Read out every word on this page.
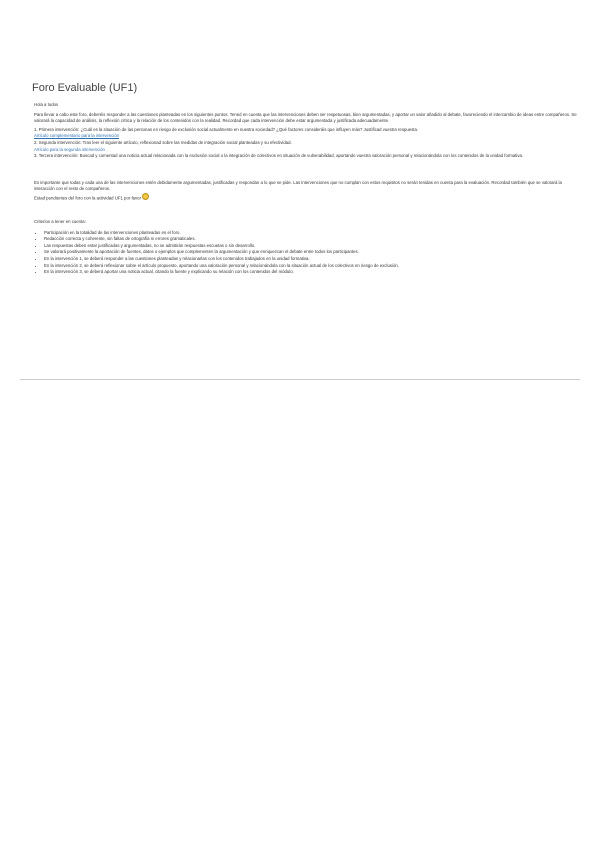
Foro Evaluable (UF1)

Hola a todos

Para llevar a cabo este foro, deberéis responder a las cuestiones planteadas en los siguientes puntos. Tened en cuenta que las intervenciones deben ser respetuosas, bien argumentadas, y aportar un valor añadido al debate, favoreciendo el intercambio de ideas entre compañeros. Se valorará la capacidad de análisis, la reflexión crítica y la relación de los contenidos con la realidad. Recordad que cada intervención debe estar argumentada y justificada adecuadamente.

1. Primera intervención: ¿Cuál es la situación de las personas en riesgo de exclusión social actualmente en nuestra sociedad? ¿Qué factores consideráis que influyen más? Justificad vuestra respuesta.

Artículo complementario para la intervención

2. Segunda intervención: Tras leer el siguiente artículo, reflexionad sobre las medidas de integración social planteadas y su efectividad.

Artículo para la segunda intervención

3. Tercera intervención: Buscad y comentad una noticia actual relacionada con la exclusión social o la integración de colectivos en situación de vulnerabilidad, aportando vuestra valoración personal y relacionándola con los contenidos de la unidad formativa.

Es importante que todas y cada una de las intervenciones estén debidamente argumentadas, justificadas y respondan a lo que se pide. Las intervenciones que no cumplan con estos requisitos no serán tenidas en cuenta para la evaluación. Recordad también que se valorará la interacción con el resto de compañeros.

Estad pendientes del foro con la actividad UF1 por favor

Criterios a tener en cuenta:

• Participación en la totalidad de las intervenciones planteadas en el foro.
• Redacción correcta y coherente, sin faltas de ortografía ni errores gramaticales.
• Las respuestas deben estar justificadas y argumentadas, no se admitirán respuestas escuetas o sin desarrollo.
• Se valorará positivamente la aportación de fuentes, datos o ejemplos que complementen la argumentación y que enriquezcan el debate entre todos los participantes.
• En la intervención 1, se deberá responder a las cuestiones planteadas y relacionarlas con los contenidos trabajados en la unidad formativa.
• En la intervención 2, se deberá reflexionar sobre el artículo propuesto, aportando una valoración personal y relacionándola con la situación actual de los colectivos en riesgo de exclusión.
• En la intervención 3, se deberá aportar una noticia actual, citando la fuente y explicando su relación con los contenidos del módulo.
